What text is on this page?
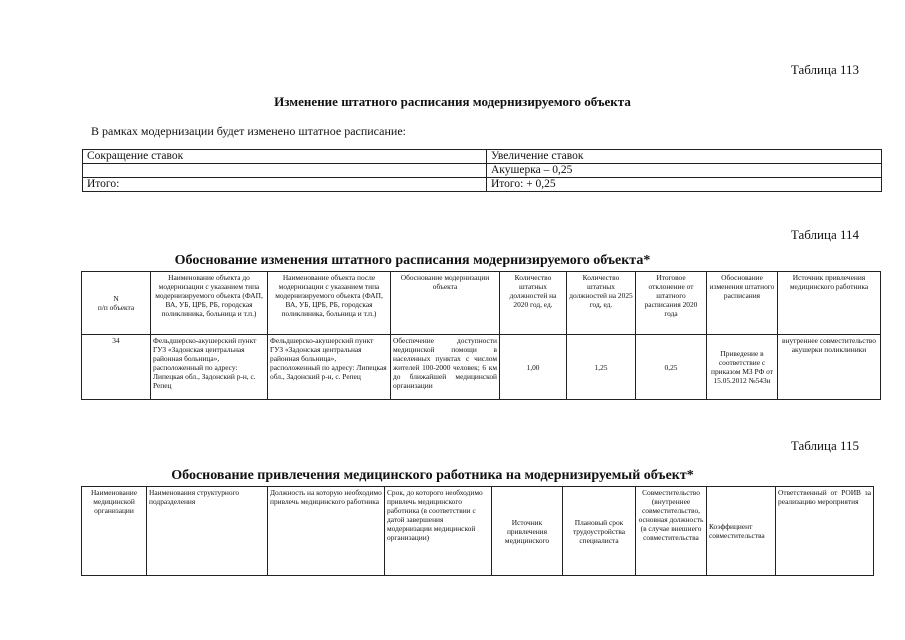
Таблица 113
Изменение штатного расписания модернизируемого объекта
В рамках модернизации будет изменено штатное расписание:
Сокращение ставок	Увеличение ставок
	Акушерка – 0,25
Итого:	Итого: + 0,25
Таблица 114
Обоснование изменения штатного расписания модернизируемого объекта*
N
п/п объекта	Наименование объекта до модернизации с указанием типа модернизируемого объекта (ФАП, ВА, УБ, ЦРБ, РБ, городская поликлиника, больница и т.п.)	Наименование объекта после модернизации с указанием типа модернизируемого объекта (ФАП, ВА, УБ, ЦРБ, РБ, городская поликлиника, больница и т.п.)	Обоснование модернизации объекта	Количество штатных должностей на 2020 год, ед.	Количество штатных должностей на 2025 год, ед.	Итоговое отклонение от штатного расписания 2020 года	Обоснование изменения штатного расписания	Источник привлечения медицинского работника
34	Фельдшерско-акушерский пункт ГУЗ «Задонская центральная районная больница», расположенный по адресу: Липецкая обл., Задонский р-н, с. Репец	Фельдшерско-акушерский пункт ГУЗ «Задонская центральная районная больница», расположенный по адресу: Липецкая обл., Задонский р-н, с. Репец	Обеспечение доступности медицинской помощи в населенных пунктах с числом жителей 100-2000 человек; 6 км до ближайшей медицинской организации	1,00	1,25	0,25	Приведение в соответствие с приказом МЗ РФ от 15.05.2012 №543н	внутреннее совместительство акушерки поликлиники
Таблица 115
Обоснование привлечения медицинского работника на модернизируемый объект*
Наименование медицинской организации	Наименования структурного подразделения	Должность на которую необходимо привлечь медицинского работника	Срок, до которого необходимо привлечь медицинского работника (в соответствии с датой завершения модернизации медицинской организации)	Источник привлечения медицинского	Плановый срок трудоустройства специалиста	Совместительство (внутреннее совместительство, основная должность (в случае внешнего совместительства	Коэффициент совместительства	Ответственный от РОИВ за реализацию мероприятия
